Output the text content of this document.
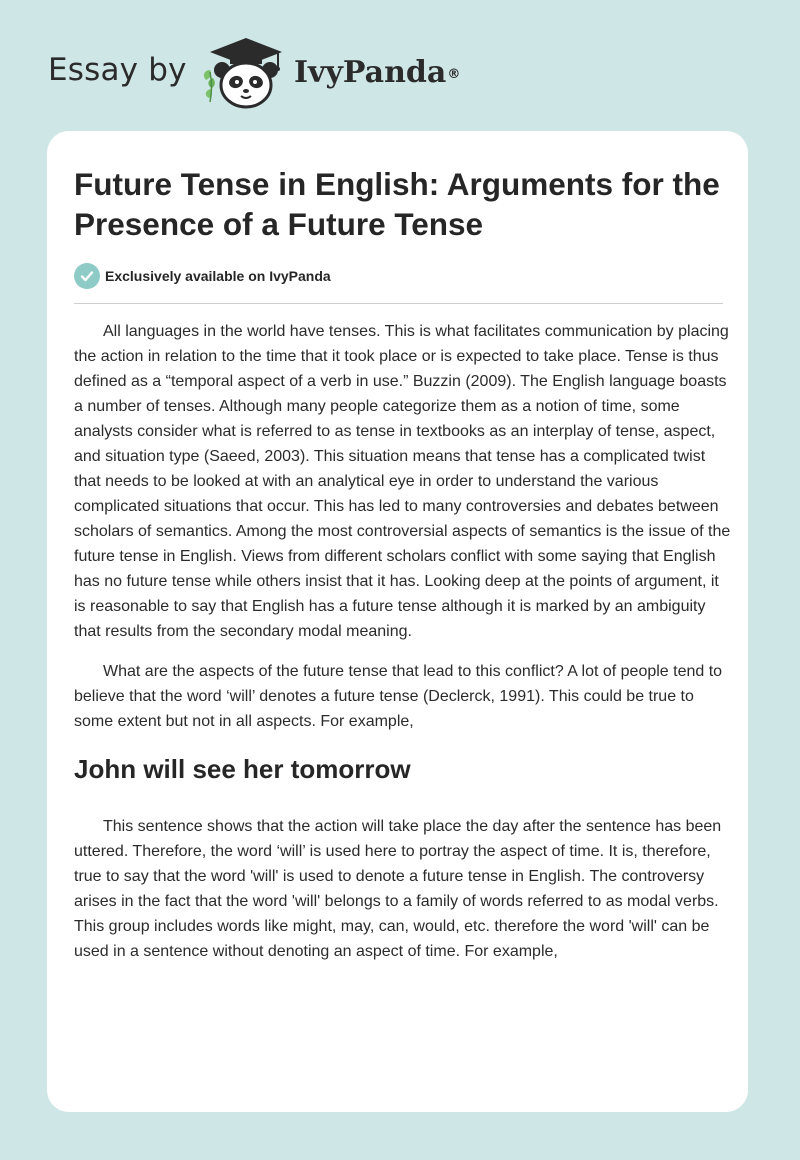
Essay by	IvyPanda®
Future Tense in English: Arguments for the Presence of a Future Tense
Exclusively available on IvyPanda

All languages in the world have tenses. This is what facilitates communication by placing the action in relation to the time that it took place or is expected to take place. Tense is thus defined as a “temporal aspect of a verb in use.” Buzzin (2009). The English language boasts a number of tenses. Although many people categorize them as a notion of time, some analysts consider what is referred to as tense in textbooks as an interplay of tense, aspect, and situation type (Saeed, 2003). This situation means that tense has a complicated twist that needs to be looked at with an analytical eye in order to understand the various complicated situations that occur. This has led to many controversies and debates between scholars of semantics. Among the most controversial aspects of semantics is the issue of the future tense in English. Views from different scholars conflict with some saying that English has no future tense while others insist that it has. Looking deep at the points of argument, it is reasonable to say that English has a future tense although it is marked by an ambiguity that results from the secondary modal meaning.

What are the aspects of the future tense that lead to this conflict? A lot of people tend to believe that the word ‘will’ denotes a future tense (Declerck, 1991). This could be true to some extent but not in all aspects. For example,

John will see her tomorrow

This sentence shows that the action will take place the day after the sentence has been uttered. Therefore, the word ‘will’ is used here to portray the aspect of time. It is, therefore, true to say that the word 'will' is used to denote a future tense in English. The controversy arises in the fact that the word 'will' belongs to a family of words referred to as modal verbs. This group includes words like might, may, can, would, etc. therefore the word 'will' can be used in a sentence without denoting an aspect of time. For example,
